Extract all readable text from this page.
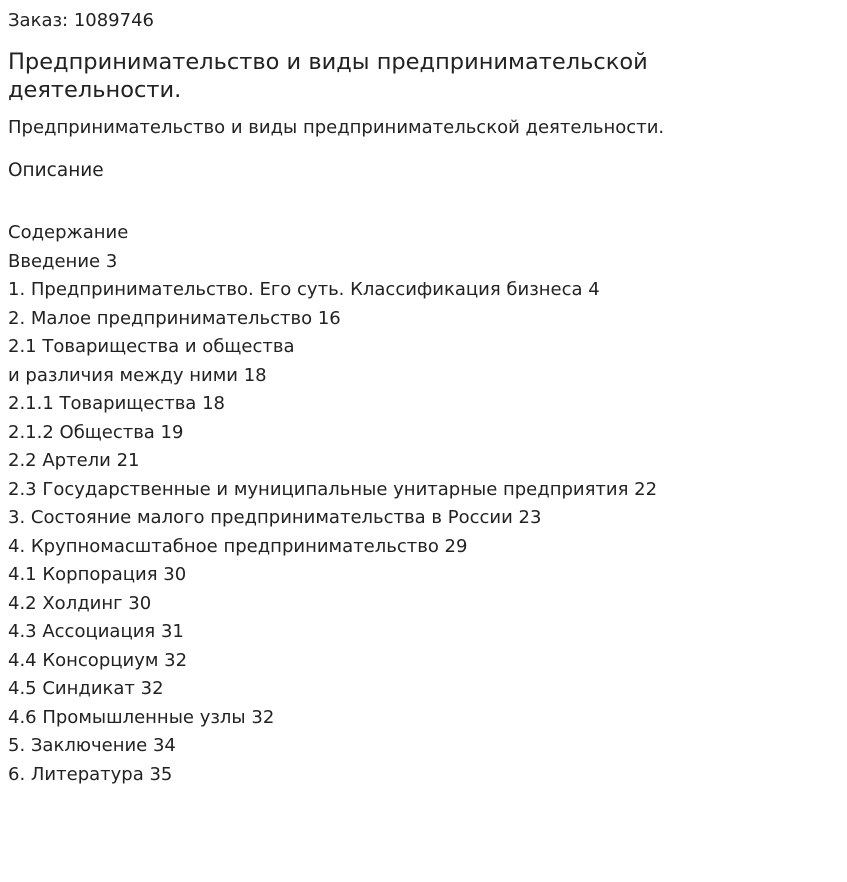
Заказ: 1089746
Предпринимательство и виды предпринимательской деятельности.
Предпринимательство и виды предпринимательской деятельности.
Описание
Содержание
Введение 3
1. Предпринимательство. Его суть. Классификация бизнеса 4
2. Малое предпринимательство 16
2.1 Товарищества и общества
и различия между ними 18
2.1.1 Товарищества 18
2.1.2 Общества 19
2.2 Артели 21
2.3 Государственные и муниципальные унитарные предприятия 22
3. Состояние малого предпринимательства в России 23
4. Крупномасштабное предпринимательство 29
4.1 Корпорация 30
4.2 Холдинг 30
4.3 Ассоциация 31
4.4 Консорциум 32
4.5 Синдикат 32
4.6 Промышленные узлы 32
5. Заключение 34
6. Литература 35
